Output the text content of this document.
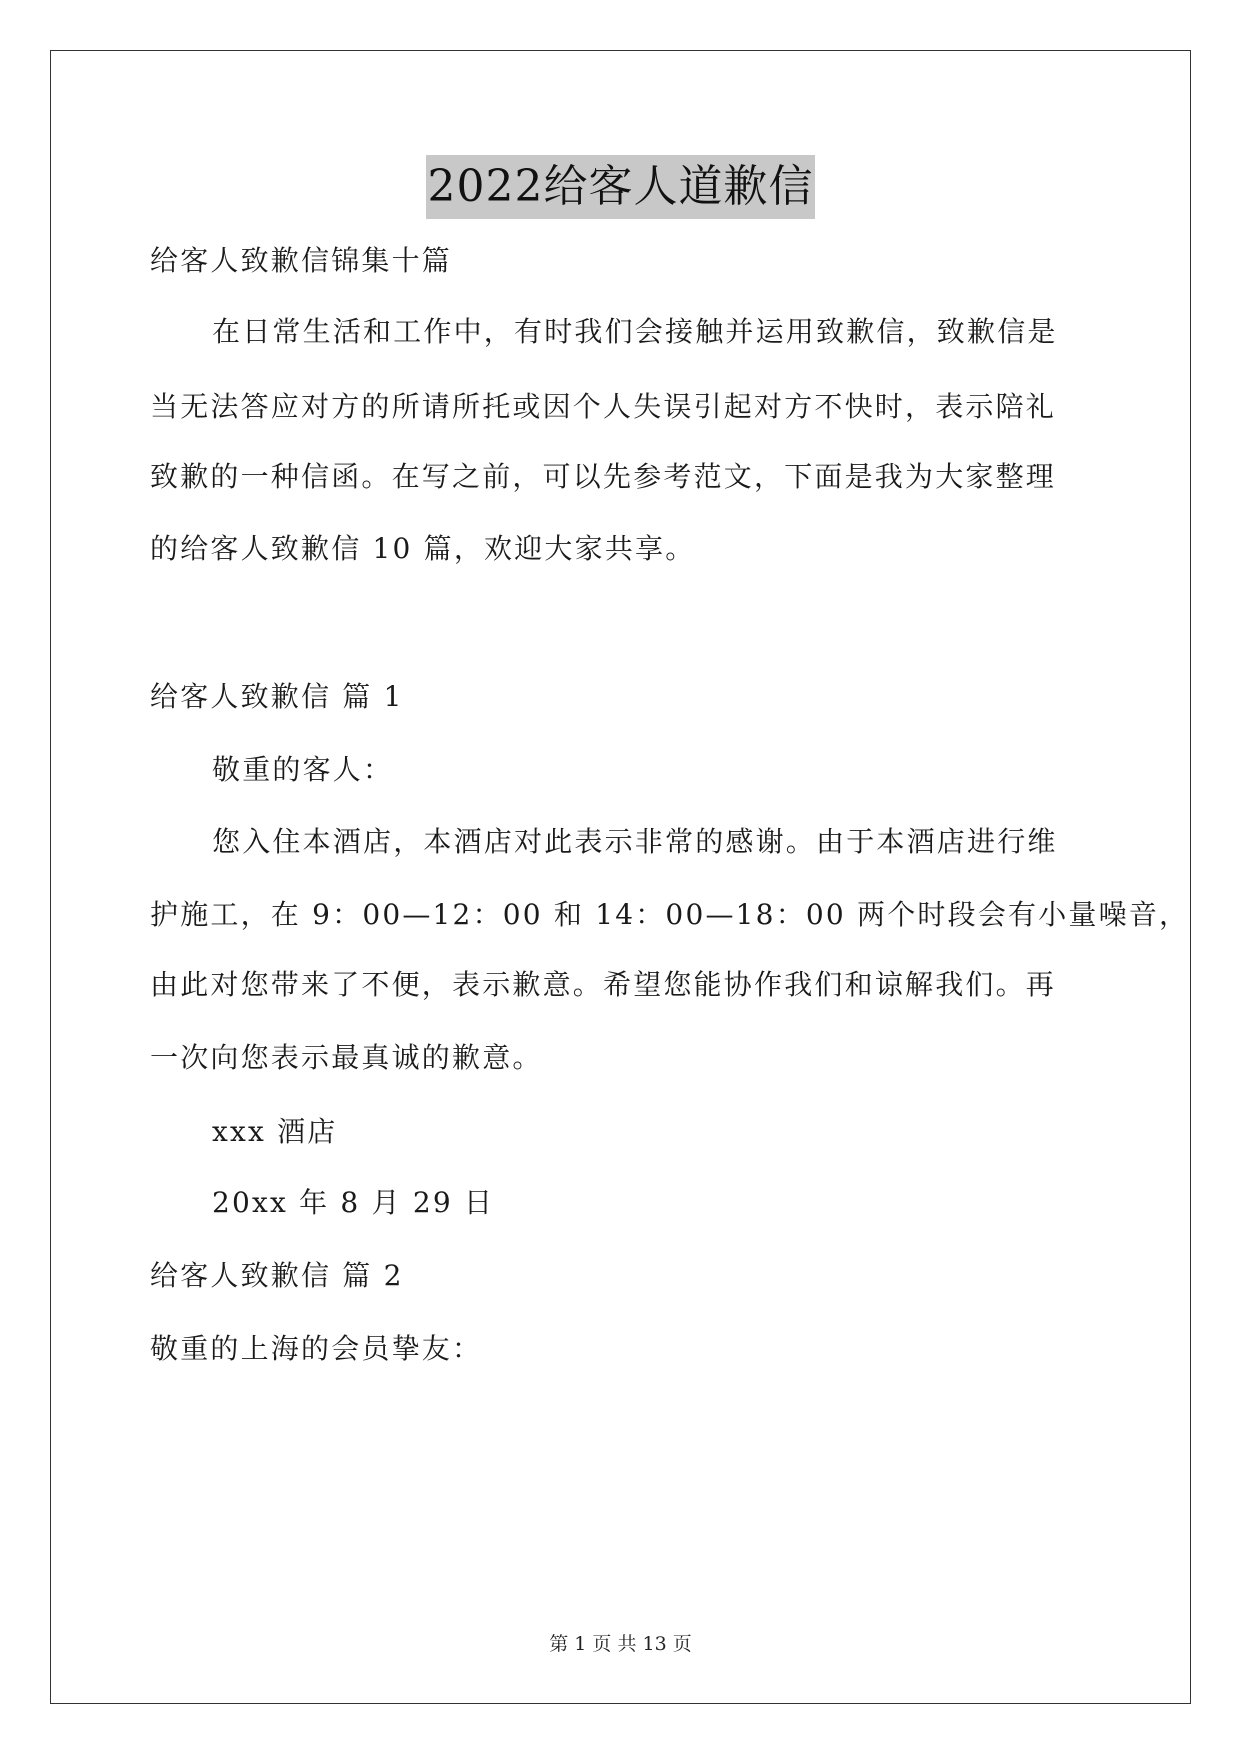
2022给客人道歉信
给客人致歉信锦集十篇
在日常生活和工作中，有时我们会接触并运用致歉信，致歉信是
当无法答应对方的所请所托或因个人失误引起对方不快时，表示陪礼
致歉的一种信函。在写之前，可以先参考范文，下面是我为大家整理
的给客人致歉信 10 篇，欢迎大家共享。
给客人致歉信 篇 1
敬重的客人：
您入住本酒店，本酒店对此表示非常的感谢。由于本酒店进行维
护施工，在 9：00—12：00 和 14：00—18：00 两个时段会有小量噪音，
由此对您带来了不便，表示歉意。希望您能协作我们和谅解我们。再
一次向您表示最真诚的歉意。
xxx 酒店
20xx 年 8 月 29 日
给客人致歉信 篇 2
敬重的上海的会员挚友：
第 1 页 共 13 页
